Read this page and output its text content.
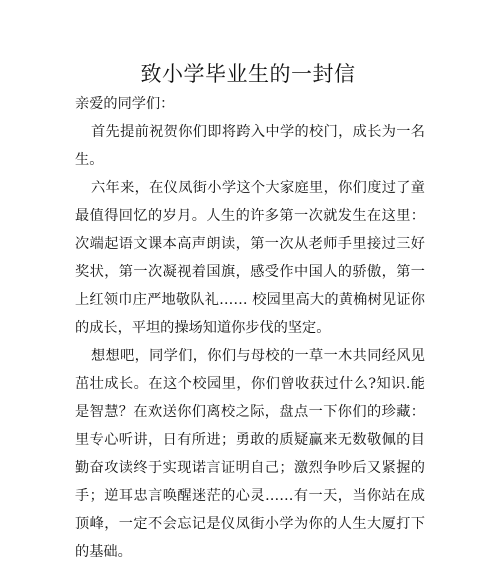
致小学毕业生的一封信
亲爱的同学们：
首先提前祝贺你们即将跨入中学的校门，成长为一名
生。
六年来，在仪凤街小学这个大家庭里，你们度过了童
最值得回忆的岁月。人生的许多第一次就发生在这里：
次端起语文课本高声朗读，第一次从老师手里接过三好
奖状，第一次凝视着国旗，感受作中国人的骄傲，第一
上红领巾庄严地敬队礼…… 校园里高大的黄桷树见证你
的成长，平坦的操场知道你步伐的坚定。
想想吧，同学们，你们与母校的一草一木共同经风见
茁壮成长。在这个校园里，你们曾收获过什么?知识.能
是智慧？在欢送你们离校之际，盘点一下你们的珍藏：
里专心听讲，日有所进；勇敢的质疑赢来无数敬佩的目
勤奋攻读终于实现诺言证明自己；激烈争吵后又紧握的
手；逆耳忠言唤醒迷茫的心灵……有一天，当你站在成
顶峰，一定不会忘记是仪凤街小学为你的人生大厦打下
的基础。
